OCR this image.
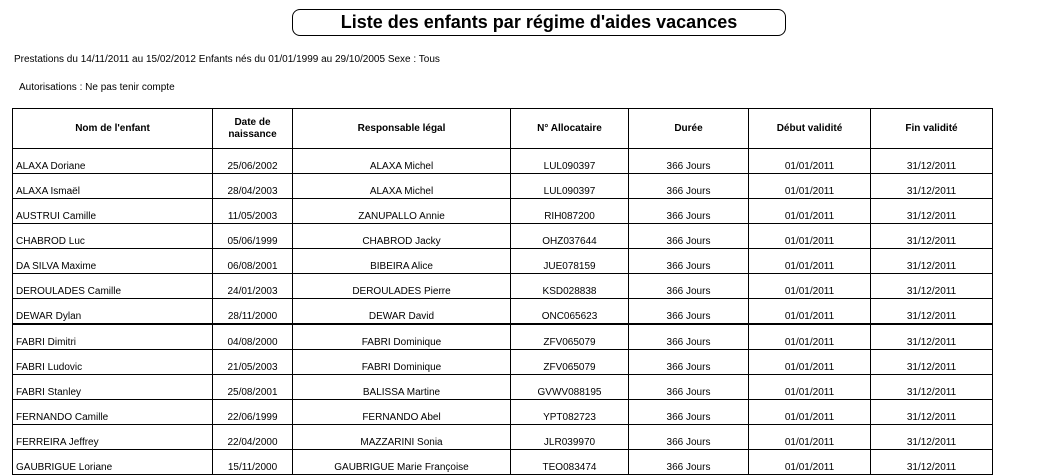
Liste des enfants par régime d'aides vacances
Prestations du 14/11/2011 au 15/02/2012 Enfants nés du 01/01/1999 au 29/10/2005 Sexe : Tous
Autorisations : Ne pas tenir compte
Nom de l'enfant	Date de naissance	Responsable légal	N° Allocataire	Durée	Début validité	Fin validité
ALAXA Doriane	25/06/2002	ALAXA Michel	LUL090397	366 Jours	01/01/2011	31/12/2011
ALAXA Ismaël	28/04/2003	ALAXA Michel	LUL090397	366 Jours	01/01/2011	31/12/2011
AUSTRUI Camille	11/05/2003	ZANUPALLO Annie	RIH087200	366 Jours	01/01/2011	31/12/2011
CHABROD Luc	05/06/1999	CHABROD Jacky	OHZ037644	366 Jours	01/01/2011	31/12/2011
DA SILVA Maxime	06/08/2001	BIBEIRA Alice	JUE078159	366 Jours	01/01/2011	31/12/2011
DEROULADES Camille	24/01/2003	DEROULADES Pierre	KSD028838	366 Jours	01/01/2011	31/12/2011
DEWAR Dylan	28/11/2000	DEWAR David	ONC065623	366 Jours	01/01/2011	31/12/2011
FABRI Dimitri	04/08/2000	FABRI Dominique	ZFV065079	366 Jours	01/01/2011	31/12/2011
FABRI Ludovic	21/05/2003	FABRI Dominique	ZFV065079	366 Jours	01/01/2011	31/12/2011
FABRI Stanley	25/08/2001	BALISSA Martine	GVWV088195	366 Jours	01/01/2011	31/12/2011
FERNANDO Camille	22/06/1999	FERNANDO Abel	YPT082723	366 Jours	01/01/2011	31/12/2011
FERREIRA Jeffrey	22/04/2000	MAZZARINI Sonia	JLR039970	366 Jours	01/01/2011	31/12/2011
GAUBRIGUE Loriane	15/11/2000	GAUBRIGUE Marie Françoise	TEO083474	366 Jours	01/01/2011	31/12/2011
